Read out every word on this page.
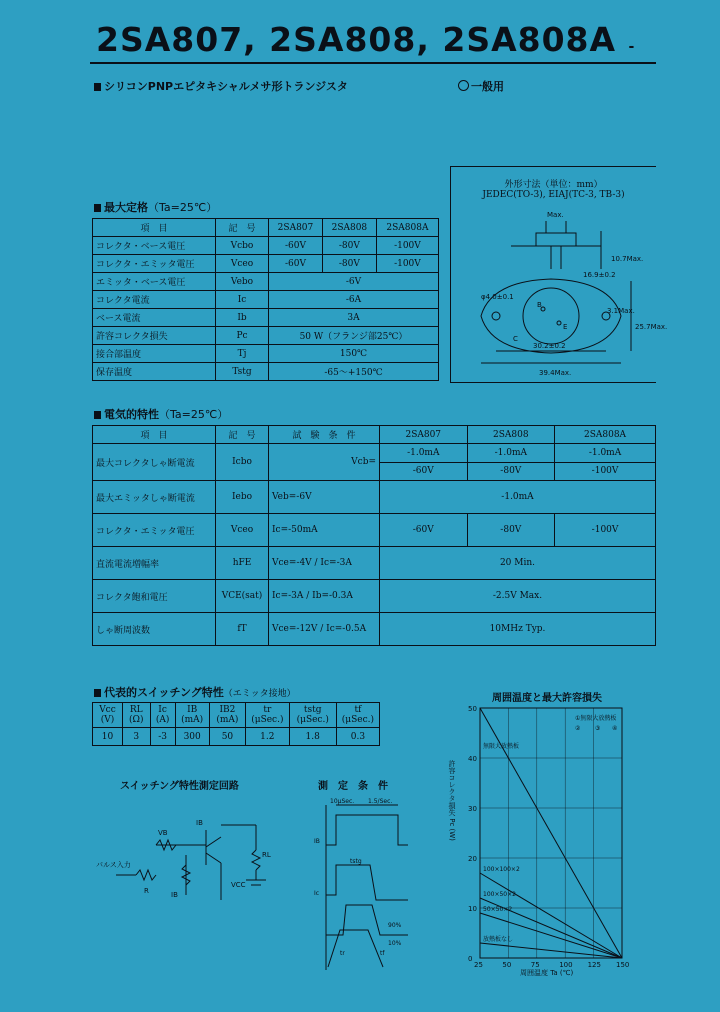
2SA807, 2SA808, 2SA808A -
シリコンPNPエピタキシャルメサ形トランジスタ	一般用
外形寸法（単位：mm）
JEDEC(TO-3), EIAJ(TC-3, TB-3)
Max.
16.9±0.2
30.2±0.2
39.4Max.
10.7Max.
25.7Max.
3.1Max.
φ4.0±0.1
B
C
E
最大定格（Ta=25℃）
項　目	記　号	2SA807	2SA808	2SA808A
コレクタ・ベース電圧	Vcbo	-60V	-80V	-100V
コレクタ・エミッタ電圧	Vceo	-60V	-80V	-100V
エミッタ・ベース電圧	Vebo	-6V		
コレクタ電流	Ic	-6A		
ベース電流	Ib	3A		
許容コレクタ損失	Pc	50 W（フランジ部25℃）		
接合部温度	Tj	150℃		
保存温度	Tstg	-65～+150℃		
電気的特性（Ta=25℃）
項　目	記　号	試　験　条　件	2SA807	2SA808	2SA808A
最大コレクタしゃ断電流	Icbo	Vcb=	-1.0mA	-1.0mA	-1.0mA
			-60V	-80V	-100V
最大エミッタしゃ断電流	Iebo	Veb=-6V	-1.0mA		
コレクタ・エミッタ電圧	Vceo	Ic=-50mA	-60V	-80V	-100V
直流電流増幅率	hFE	Vce=-4V / Ic=-3A	20 Min.		
コレクタ飽和電圧	VCE(sat)	Ic=-3A / Ib=-0.3A	-2.5V Max.		
しゃ断周波数	fT	Vce=-12V / Ic=-0.5A	10MHz Typ.		
代表的スイッチング特性（エミッタ接地）
Vcc (V)	RL (Ω)	Ic (A)	IB (mA)	IB2 (mA)	tr (μSec.)	tstg (μSec.)	tf (μSec.)
10	3	-3	300	50	1.2	1.8	0.3
スイッチング特性測定回路
VB
IB
IB
VCC
RL
R
パルス入力
測　定　条　件
10μSec. 1.5/Sec.
Ic
IB
tr
tstg
tf
90%
10%
周囲温度と最大許容損失
25	50	75	100 125 150
0
10
20
30
40
50
無限大放熱板
100×100×2
100×50×2
50×50×2
放熱板なし
許容コレクタ損失 Pc (W)
周囲温度 Ta (℃)
①無限大放熱板
② ③ ④
